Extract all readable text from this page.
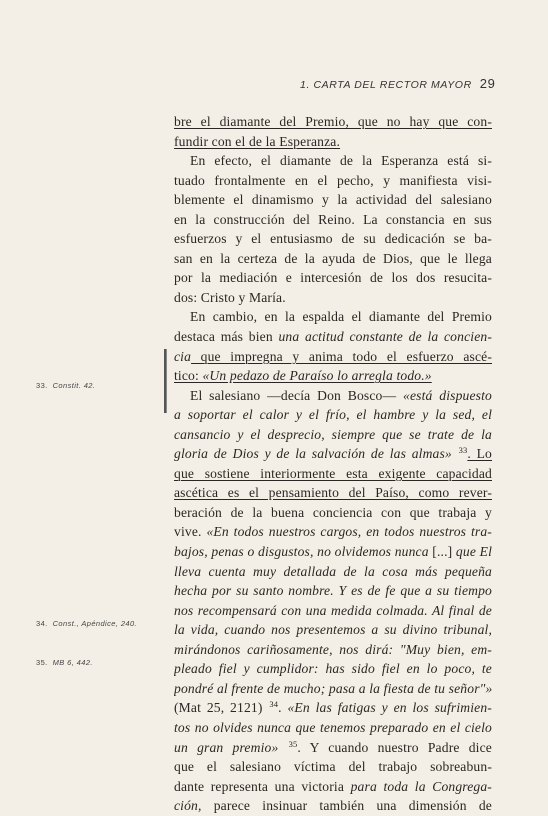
1. CARTA DEL RECTOR MAYOR 29
33. Constit. 42.
34. Const., Apéndice, 240.
35. MB 6, 442.
bre el diamante del Premio, que no hay que con-
fundir con el de la Esperanza.
En efecto, el diamante de la Esperanza está si-
tuado frontalmente en el pecho, y manifiesta visi-
blemente el dinamismo y la actividad del salesiano
en la construcción del Reino. La constancia en sus
esfuerzos y el entusiasmo de su dedicación se ba-
san en la certeza de la ayuda de Dios, que le llega
por la mediación e intercesión de los dos resucita-
dos: Cristo y María.
En cambio, en la espalda el diamante del Premio
destaca más bien una actitud constante de la concien-
cia que impregna y anima todo el esfuerzo ascé-
tico: «Un pedazo de Paraíso lo arregla todo.»
El salesiano —decía Don Bosco— «está dispuesto
a soportar el calor y el frío, el hambre y la sed, el
cansancio y el desprecio, siempre que se trate de la
gloria de Dios y de la salvación de las almas» $^{33}$. Lo
que sostiene interiormente esta exigente capacidad
ascética es el pensamiento del Paíso, como rever-
beración de la buena conciencia con que trabaja y
vive. «En todos nuestros cargos, en todos nuestros tra-
bajos, penas o disgustos, no olvidemos nunca [...] que El
lleva cuenta muy detallada de la cosa más pequeña
hecha por su santo nombre. Y es de fe que a su tiempo
nos recompensará con una medida colmada. Al final de
la vida, cuando nos presentemos a su divino tribunal,
mirándonos cariñosamente, nos dirá: "Muy bien, em-
pleado fiel y cumplidor: has sido fiel en lo poco, te
pondré al frente de mucho; pasa a la fiesta de tu señor"»
(Mat 25, 2121) $^{34}$. «En las fatigas y en los sufrimien-
tos no olvides nunca que tenemos preparado en el cielo
un gran premio» $^{35}$. Y cuando nuestro Padre dice
que el salesiano víctima del trabajo sobreabun-
dante representa una victoria para toda la Congrega-
ción, parece insinuar también una dimensión de
